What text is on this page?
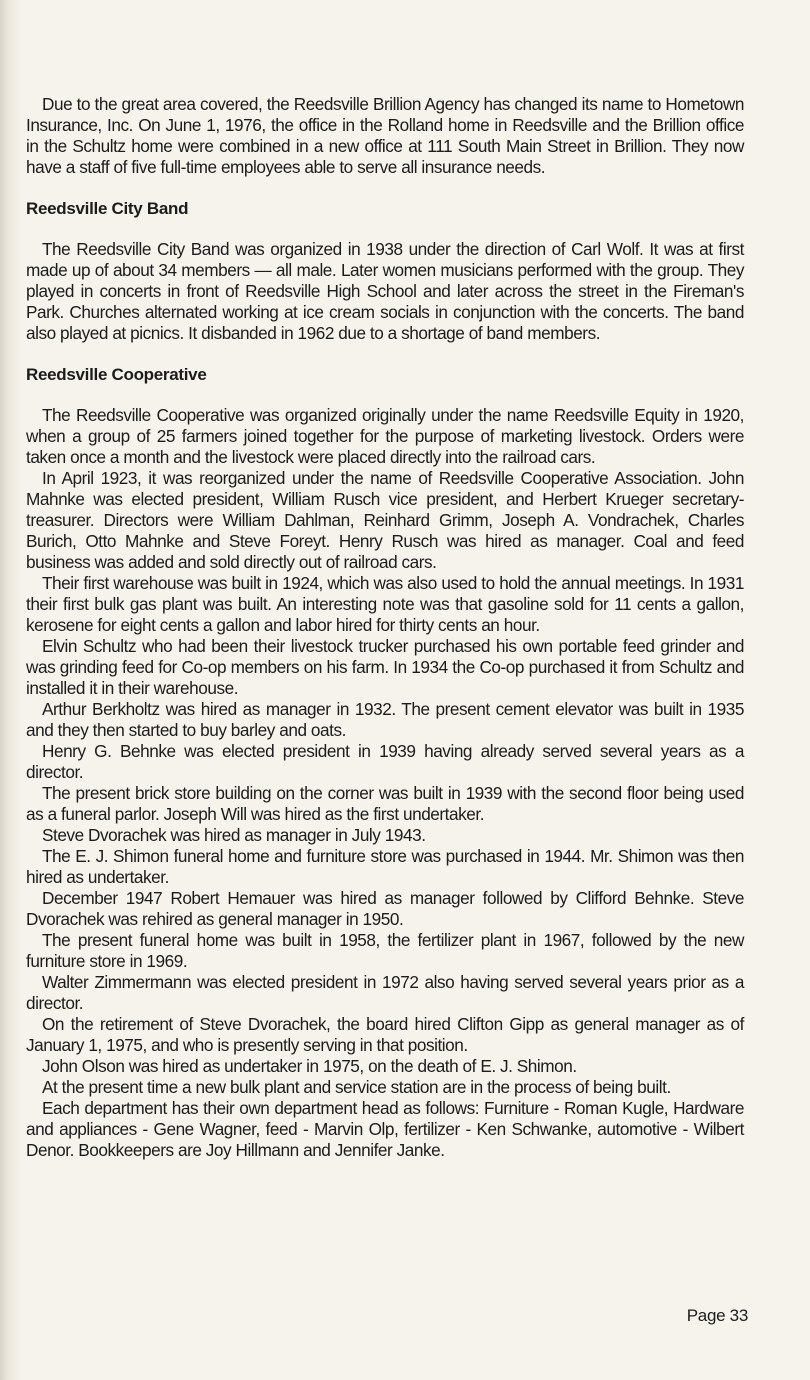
Due to the great area covered, the Reedsville Brillion Agency has changed its name to Hometown Insurance, Inc. On June 1, 1976, the office in the Rolland home in Reedsville and the Brillion office in the Schultz home were combined in a new office at 111 South Main Street in Brillion. They now have a staff of five full-time employees able to serve all insurance needs.

Reedsville City Band

The Reedsville City Band was organized in 1938 under the direction of Carl Wolf. It was at first made up of about 34 members — all male. Later women musicians performed with the group. They played in concerts in front of Reedsville High School and later across the street in the Fireman's Park. Churches alternated working at ice cream socials in conjunction with the concerts. The band also played at picnics. It disbanded in 1962 due to a shortage of band members.

Reedsville Cooperative

The Reedsville Cooperative was organized originally under the name Reedsville Equity in 1920, when a group of 25 farmers joined together for the purpose of marketing livestock. Orders were taken once a month and the livestock were placed directly into the railroad cars.

In April 1923, it was reorganized under the name of Reedsville Cooperative Association. John Mahnke was elected president, William Rusch vice president, and Herbert Krueger secretary-treasurer. Directors were William Dahlman, Reinhard Grimm, Joseph A. Vondrachek, Charles Burich, Otto Mahnke and Steve Foreyt. Henry Rusch was hired as manager. Coal and feed business was added and sold directly out of railroad cars.

Their first warehouse was built in 1924, which was also used to hold the annual meetings. In 1931 their first bulk gas plant was built. An interesting note was that gasoline sold for 11 cents a gallon, kerosene for eight cents a gallon and labor hired for thirty cents an hour.

Elvin Schultz who had been their livestock trucker purchased his own portable feed grinder and was grinding feed for Co-op members on his farm. In 1934 the Co-op purchased it from Schultz and installed it in their warehouse.

Arthur Berkholtz was hired as manager in 1932. The present cement elevator was built in 1935 and they then started to buy barley and oats.

Henry G. Behnke was elected president in 1939 having already served several years as a director.

The present brick store building on the corner was built in 1939 with the second floor being used as a funeral parlor. Joseph Will was hired as the first undertaker.

Steve Dvorachek was hired as manager in July 1943.

The E. J. Shimon funeral home and furniture store was purchased in 1944. Mr. Shimon was then hired as undertaker.

December 1947 Robert Hemauer was hired as manager followed by Clifford Behnke. Steve Dvorachek was rehired as general manager in 1950.

The present funeral home was built in 1958, the fertilizer plant in 1967, followed by the new furniture store in 1969.

Walter Zimmermann was elected president in 1972 also having served several years prior as a director.

On the retirement of Steve Dvorachek, the board hired Clifton Gipp as general manager as of January 1, 1975, and who is presently serving in that position.

John Olson was hired as undertaker in 1975, on the death of E. J. Shimon.

At the present time a new bulk plant and service station are in the process of being built.

Each department has their own department head as follows: Furniture - Roman Kugle, Hardware and appliances - Gene Wagner, feed - Marvin Olp, fertilizer - Ken Schwanke, automotive - Wilbert Denor. Bookkeepers are Joy Hillmann and Jennifer Janke.

Page 33
